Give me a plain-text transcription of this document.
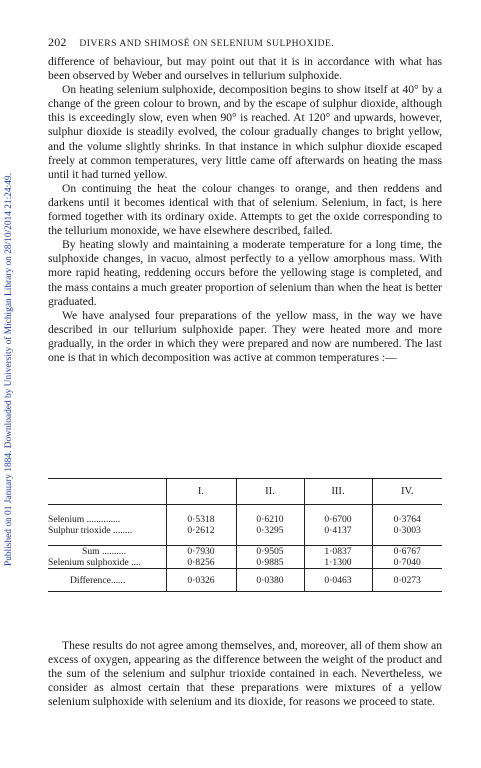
Published on 01 January 1884. Downloaded by University of Michigan Library on 28/10/2014 21:24:49.
202 DIVERS AND SHIMOSÉ ON SELENIUM SULPHOXIDE.

difference of behaviour, but may point out that it is in accordance with what has been observed by Weber and ourselves in tellurium sulphoxide.

On heating selenium sulphoxide, decomposition begins to show itself at 40° by a change of the green colour to brown, and by the escape of sulphur dioxide, although this is exceedingly slow, even when 90° is reached. At 120° and upwards, however, sulphur dioxide is steadily evolved, the colour gradually changes to bright yellow, and the volume slightly shrinks. In that instance in which sulphur dioxide escaped freely at common temperatures, very little came off afterwards on heating the mass until it had turned yellow.

On continuing the heat the colour changes to orange, and then reddens and darkens until it becomes identical with that of selenium. Selenium, in fact, is here formed together with its ordinary oxide. Attempts to get the oxide corresponding to the tellurium monoxide, we have elsewhere described, failed.

By heating slowly and maintaining a moderate temperature for a long time, the sulphoxide changes, in vacuo, almost perfectly to a yellow amorphous mass. With more rapid heating, reddening occurs before the yellowing stage is completed, and the mass contains a much greater proportion of selenium than when the heat is better graduated.

We have analysed four preparations of the yellow mass, in the way we have described in our tellurium sulphoxide paper. They were heated more and more gradually, in the order in which they were prepared and now are numbered. The last one is that in which decomposition was active at common temperatures :—

	I.	II.	III.	IV.

Selenium ..............	0·5318	0·6210	0·6700	0·3764
Sulphur trioxide ........	0·2612	0·3295	0·4137	0·3003

Sum ..........	0·7930	0·9505	1·0837	0·6767
Selenium sulphoxide ....	0·8256	0·9885	1·1300	0·7040
Difference......	0·0326	0·0380	0·0463	0·0273

These results do not agree among themselves, and, moreover, all of them show an excess of oxygen, appearing as the difference between the weight of the product and the sum of the selenium and sulphur trioxide contained in each. Nevertheless, we consider as almost certain that these preparations were mixtures of a yellow selenium sulphoxide with selenium and its dioxide, for reasons we proceed to state.
